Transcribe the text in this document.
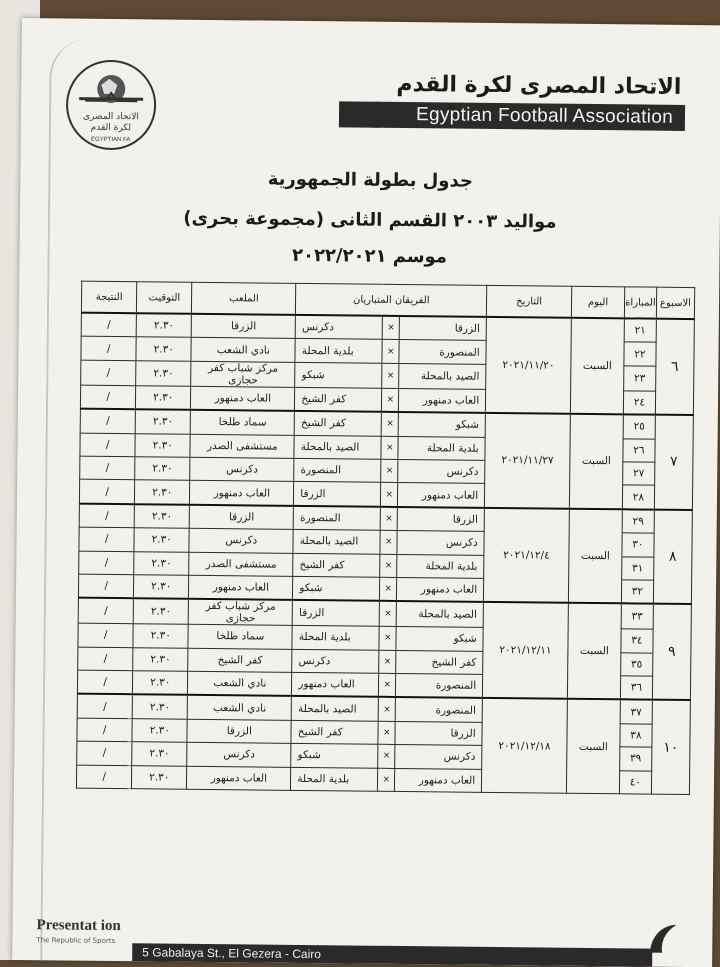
الاتحاد المصرى
لكرة القدم
EGYPTIAN FA
الاتحاد المصرى لكرة القدم
Egyptian Football Association
جدول بطولة الجمهورية
مواليد ٢٠٠٣ القسم الثانى (مجموعة بحرى)
موسم ٢٠٢٢/٢٠٢١
الاسبوع	المباراة	اليوم	التاريخ	الفريقان المتباريان			الملعب	التوقيت	النتيجة
٦	٢١	السبت	٢٠٢١/١١/٢٠	الزرقا	×	دكرنس	الزرقا	٢.٣٠	/
	٢٢			المنصورة	×	بلدية المحلة	نادي الشعب	٢.٣٠	/
	٢٣			الصيد بالمحلة	×	شبكو	مركز شباب كفر حجازى	٢.٣٠	/
	٢٤			العاب دمنهور	×	كفر الشيخ	العاب دمنهور	٢.٣٠	/
٧	٢٥	السبت	٢٠٢١/١١/٢٧	شبكو	×	كفر الشيخ	سماد طلخا	٢.٣٠	/
	٢٦			بلدية المحلة	×	الصيد بالمحلة	مستشفى الصدر	٢.٣٠	/
	٢٧			دكرنس	×	المنصورة	دكرنس	٢.٣٠	/
	٢٨			العاب دمنهور	×	الزرقا	العاب دمنهور	٢.٣٠	/
٨	٢٩	السبت	٢٠٢١/١٢/٤	الزرقا	×	المنصورة	الزرقا	٢.٣٠	/
	٣٠			دكرنس	×	الصيد بالمحلة	دكرنس	٢.٣٠	/
	٣١			بلدية المحلة	×	كفر الشيخ	مستشفى الصدر	٢.٣٠	/
	٣٢			العاب دمنهور	×	شبكو	العاب دمنهور	٢.٣٠	/
٩	٣٣	السبت	٢٠٢١/١٢/١١	الصيد بالمحلة	×	الزرقا	مركز شباب كفر حجازى	٢.٣٠	/
	٣٤			شبكو	×	بلدية المحلة	سماد طلخا	٢.٣٠	/
	٣٥			كفر الشيخ	×	دكرنس	كفر الشيخ	٢.٣٠	/
	٣٦			المنصورة	×	العاب دمنهور	نادي الشعب	٢.٣٠	/
١٠	٣٧	السبت	٢٠٢١/١٢/١٨	المنصورة	×	الصيد بالمحلة	نادي الشعب	٢.٣٠	/
	٣٨			الزرقا	×	كفر الشيخ	الزرقا	٢.٣٠	/
	٣٩			دكرنس	×	شبكو	دكرنس	٢.٣٠	/
	٤٠			العاب دمنهور	×	بلدية المحلة	العاب دمنهور	٢.٣٠	/
Presentat ion
The Republic of Sports
5 Gabalaya St., El Gezera - Cairo
